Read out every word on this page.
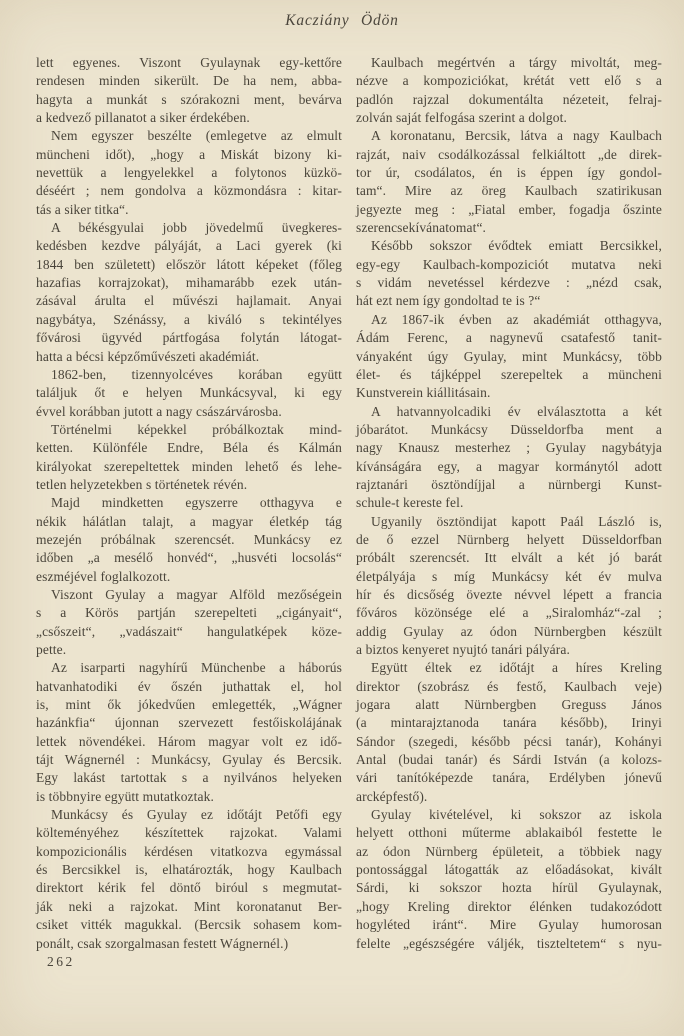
Kacziány Ödön
lett egyenes. Viszont Gyulaynak egy-kettőre
rendesen minden sikerült. De ha nem, abba-
hagyta a munkát s szórakozni ment, bevárva
a kedvező pillanatot a siker érdekében.
Nem egyszer beszélte (emlegetve az elmult
müncheni időt), „hogy a Miskát bizony ki-
nevettük a lengyelekkel a folytonos küzkö-
déséért ; nem gondolva a közmondásra : kitar-
tás a siker titka“.
A békésgyulai jobb jövedelmű üvegkeres-
kedésben kezdve pályáját, a Laci gyerek (ki
1844 ben született) először látott képeket (főleg
hazafias korrajzokat), mihamarább ezek után-
zásával árulta el művészi hajlamait. Anyai
nagybátya, Szénássy, a kiváló s tekintélyes
fővárosi ügyvéd pártfogása folytán látogat-
hatta a bécsi képzőművészeti akadémiát.
1862-ben, tizennyolcéves korában együtt
találjuk őt e helyen Munkácsyval, ki egy
évvel korábban jutott a nagy császárvárosba.
Történelmi képekkel próbálkoztak mind-
ketten. Különféle Endre, Béla és Kálmán
királyokat szerepeltettek minden lehető és lehe-
tetlen helyzetekben s történetek révén.
Majd mindketten egyszerre otthagyva e
nékik hálátlan talajt, a magyar életkép tág
mezején próbálnak szerencsét. Munkácsy ez
időben „a mesélő honvéd“, „husvéti locsolás“
eszméjével foglalkozott.
Viszont Gyulay a magyar Alföld mezőségein
s a Körös partján szerepelteti „cigányait“,
„csőszeit“, „vadászait“ hangulatképek köze-
pette.
Az isarparti nagyhírű Münchenbe a háborús
hatvanhatodiki év őszén juthattak el, hol
is, mint ők jókedvűen emlegették, „Wágner
hazánkfia“ újonnan szervezett festőiskolájának
lettek növendékei. Három magyar volt ez idő-
tájt Wágnernél : Munkácsy, Gyulay és Bercsik.
Egy lakást tartottak s a nyilvános helyeken
is többnyire együtt mutatkoztak.
Munkácsy és Gyulay ez időtájt Petőfi egy
költeményéhez készítettek rajzokat. Valami
kompozicionális kérdésen vitatkozva egymással
és Bercsikkel is, elhatározták, hogy Kaulbach
direktort kérik fel döntő biróul s megmutat-
ják neki a rajzokat. Mint koronatanut Ber-
csiket vitték magukkal. (Bercsik sohasem kom-
ponált, csak szorgalmasan festett Wágnernél.)
Kaulbach megértvén a tárgy mivoltát, meg-
nézve a kompoziciókat, krétát vett elő s a
padlón rajzzal dokumentálta nézeteit, felraj-
zolván saját felfogása szerint a dolgot.
A koronatanu, Bercsik, látva a nagy Kaulbach
rajzát, naiv csodálkozással felkiáltott „de direk-
tor úr, csodálatos, én is éppen így gondol-
tam“. Mire az öreg Kaulbach szatirikusan
jegyezte meg : „Fiatal ember, fogadja őszinte
szerencsekívánatomat“.
Később sokszor évődtek emiatt Bercsikkel,
egy-egy Kaulbach-kompoziciót mutatva neki
s vidám nevetéssel kérdezve : „nézd csak,
hát ezt nem így gondoltad te is ?“
Az 1867-ik évben az akadémiát otthagyva,
Ádám Ferenc, a nagynevű csatafestő tanit-
ványaként úgy Gyulay, mint Munkácsy, több
élet- és tájképpel szerepeltek a müncheni
Kunstverein kiállitásain.
A hatvannyolcadiki év elválasztotta a két
jóbarátot. Munkácsy Düsseldorfba ment a
nagy Knausz mesterhez ; Gyulay nagybátyja
kívánságára egy, a magyar kormánytól adott
rajztanári ösztöndíjjal a nürnbergi Kunst-
schule-t kereste fel.
Ugyanily ösztöndijat kapott Paál László is,
de ő ezzel Nürnberg helyett Düsseldorfban
próbált szerencsét. Itt elvált a két jó barát
életpályája s míg Munkácsy két év mulva
hír és dicsőség övezte névvel lépett a francia
főváros közönsége elé a „Siralomház“-zal ;
addig Gyulay az ódon Nürnbergben készült
a biztos kenyeret nyujtó tanári pályára.
Együtt éltek ez időtájt a híres Kreling
direktor (szobrász és festő, Kaulbach veje)
jogara alatt Nürnbergben Greguss János
(a mintarajztanoda tanára később), Irinyi
Sándor (szegedi, később pécsi tanár), Kohányi
Antal (budai tanár) és Sárdi István (a kolozs-
vári tanítóképezde tanára, Erdélyben jónevű
arcképfestő).
Gyulay kivételével, ki sokszor az iskola
helyett otthoni műterme ablakaiból festette le
az ódon Nürnberg épületeit, a többiek nagy
pontossággal látogatták az előadásokat, kivált
Sárdi, ki sokszor hozta hírül Gyulaynak,
„hogy Kreling direktor élénken tudakozódott
hogyléted iránt“. Mire Gyulay humorosan
felelte „egészségére váljék, tiszteltetem“ s nyu-
262
